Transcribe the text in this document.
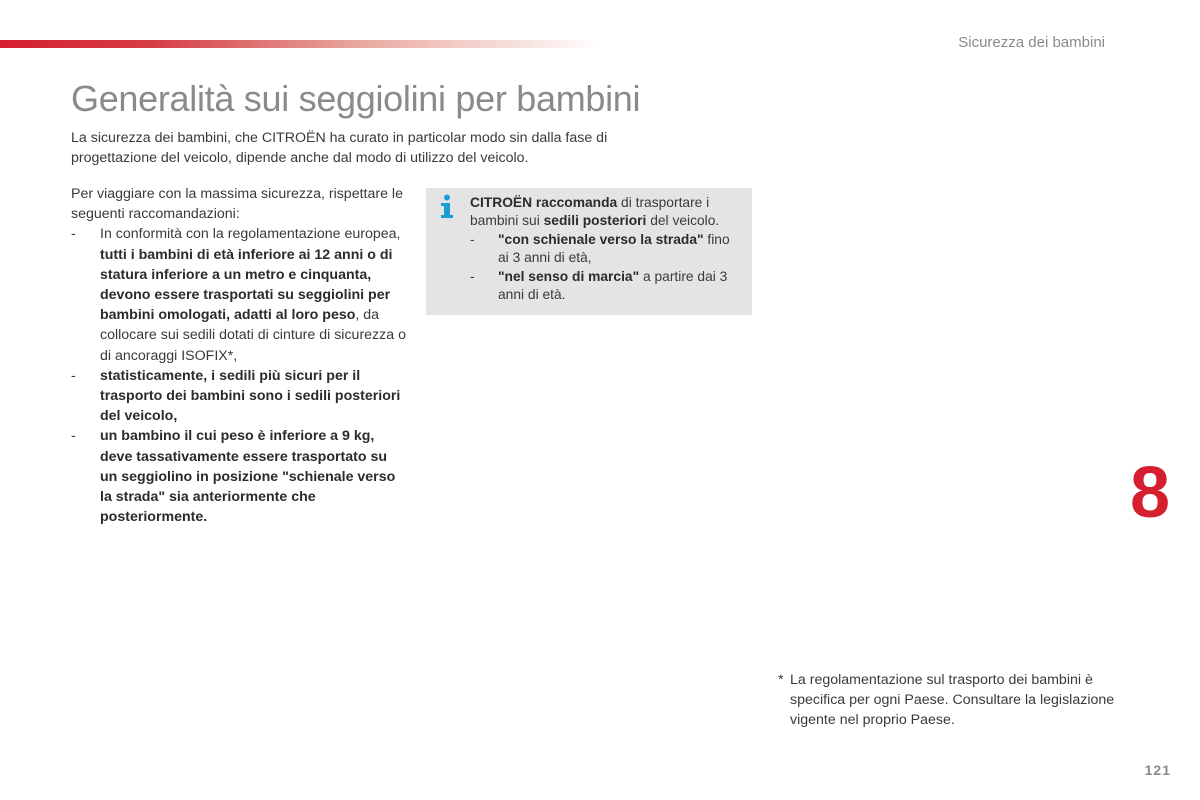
Sicurezza dei bambini
Generalità sui seggiolini per bambini

La sicurezza dei bambini, che CITROËN ha curato in particolar modo sin dalla fase di progettazione del veicolo, dipende anche dal modo di utilizzo del veicolo.

Per viaggiare con la massima sicurezza, rispettare le seguenti raccomandazioni:

- In conformità con la regolamentazione europea, tutti i bambini di età inferiore ai 12 anni o di statura inferiore a un metro e cinquanta, devono essere trasportati su seggiolini per bambini omologati, adatti al loro peso, da collocare sui sedili dotati di cinture di sicurezza o di ancoraggi ISOFIX*,
- statisticamente, i sedili più sicuri per il trasporto dei bambini sono i sedili posteriori del veicolo,
- un bambino il cui peso è inferiore a 9 kg, deve tassativamente essere trasportato su un seggiolino in posizione "schienale verso la strada" sia anteriormente che posteriormente.

CITROËN raccomanda di trasportare i bambini sui sedili posteriori del veicolo.

- "con schienale verso la strada" fino ai 3 anni di età,
- "nel senso di marcia" a partire dai 3 anni di età.
8
* La regolamentazione sul trasporto dei bambini è specifica per ogni Paese. Consultare la legislazione vigente nel proprio Paese.
121
